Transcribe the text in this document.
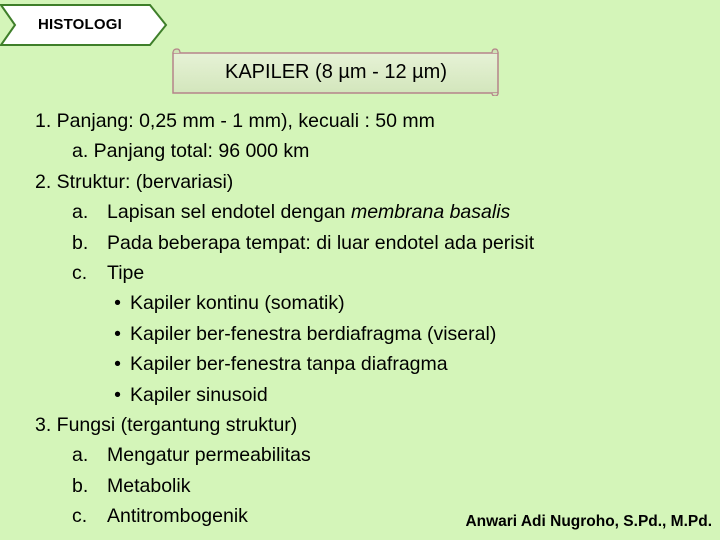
HISTOLOGI
KAPILER (8 µm - 12 µm)
1. Panjang: 0,25 mm - 1 mm), kecuali : 50 mm
a. Panjang total: 96 000 km
2. Struktur: (bervariasi)
a. Lapisan sel endotel dengan membrana basalis
b. Pada beberapa tempat: di luar endotel ada perisit
c. Tipe
• Kapiler kontinu (somatik)
• Kapiler ber-fenestra berdiafragma (viseral)
• Kapiler ber-fenestra tanpa diafragma
• Kapiler sinusoid
3. Fungsi (tergantung struktur)
a. Mengatur permeabilitas
b. Metabolik
c. Antitrombogenik	Anwari Adi Nugroho, S.Pd., M.Pd.
